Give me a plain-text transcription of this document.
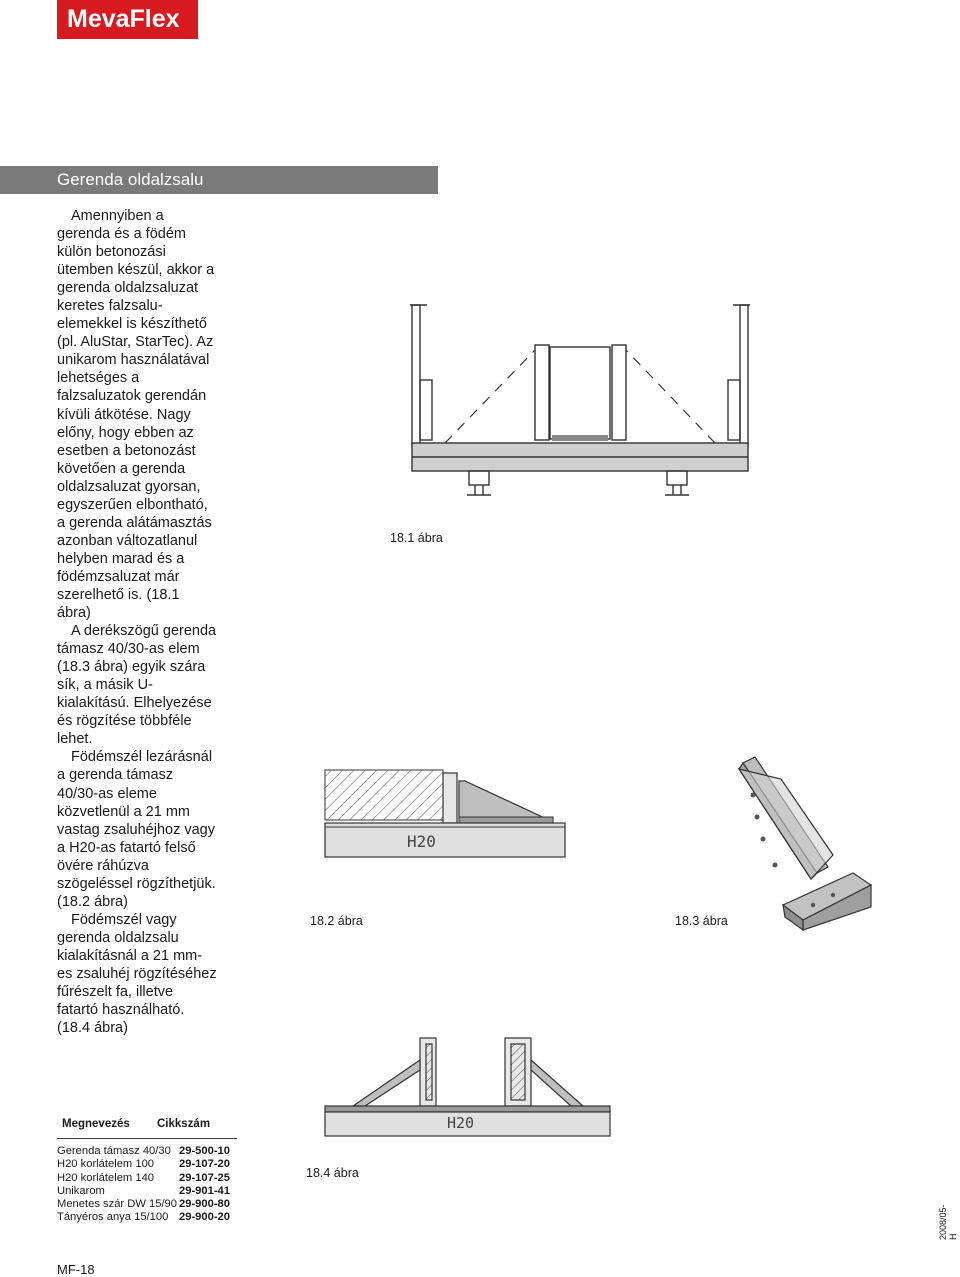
MevaFlex
Gerenda oldalzsalu

Amennyiben a gerenda és a födém külön betonozási ütemben készül, akkor a gerenda oldalzsaluzat keretes falzsalu-elemekkel is készíthető (pl. AluStar, StarTec). Az unikarom használatával lehetséges a falzsaluzatok gerendán kívüli átkötése. Nagy előny, hogy ebben az esetben a betonozást követően a gerenda oldalzsaluzat gyorsan, egyszerűen elbontható, a gerenda alátámasztás azonban változatlanul helyben marad és a födémzsaluzat már szerelhető is. (18.1 ábra)

A derékszögű gerenda támasz 40/30-as elem (18.3 ábra) egyik szára sík, a másik U-kialakítású. Elhelyezése és rögzítése többféle lehet.

Födémszél lezárásnál a gerenda támasz 40/30-as eleme közvetlenül a 21 mm vastag zsaluhéjhoz vagy a H20-as fatartó felső övére ráhúzva szögeléssel rögzíthetjük. (18.2 ábra)

Födémszél vagy gerenda oldalzsalu kialakításnál a 21 mm-es zsaluhéj rögzítéséhez fűrészelt fa, illetve fatartó használható. (18.4 ábra)

18.1 ábra
H20
18.2 ábra	18.3 ábra
H20
18.4 ábra
Megnevezés Cikkszám
Gerenda támasz 40/30 29-500-10
H20 korlátelem 100	29-107-20
H20 korlátelem 140	29-107-25
Unikarom	29-901-41
Menetes szár DW 15/90 29-900-80
Tányéros anya 15/100 29-900-20
MF-18
2008/05-H
